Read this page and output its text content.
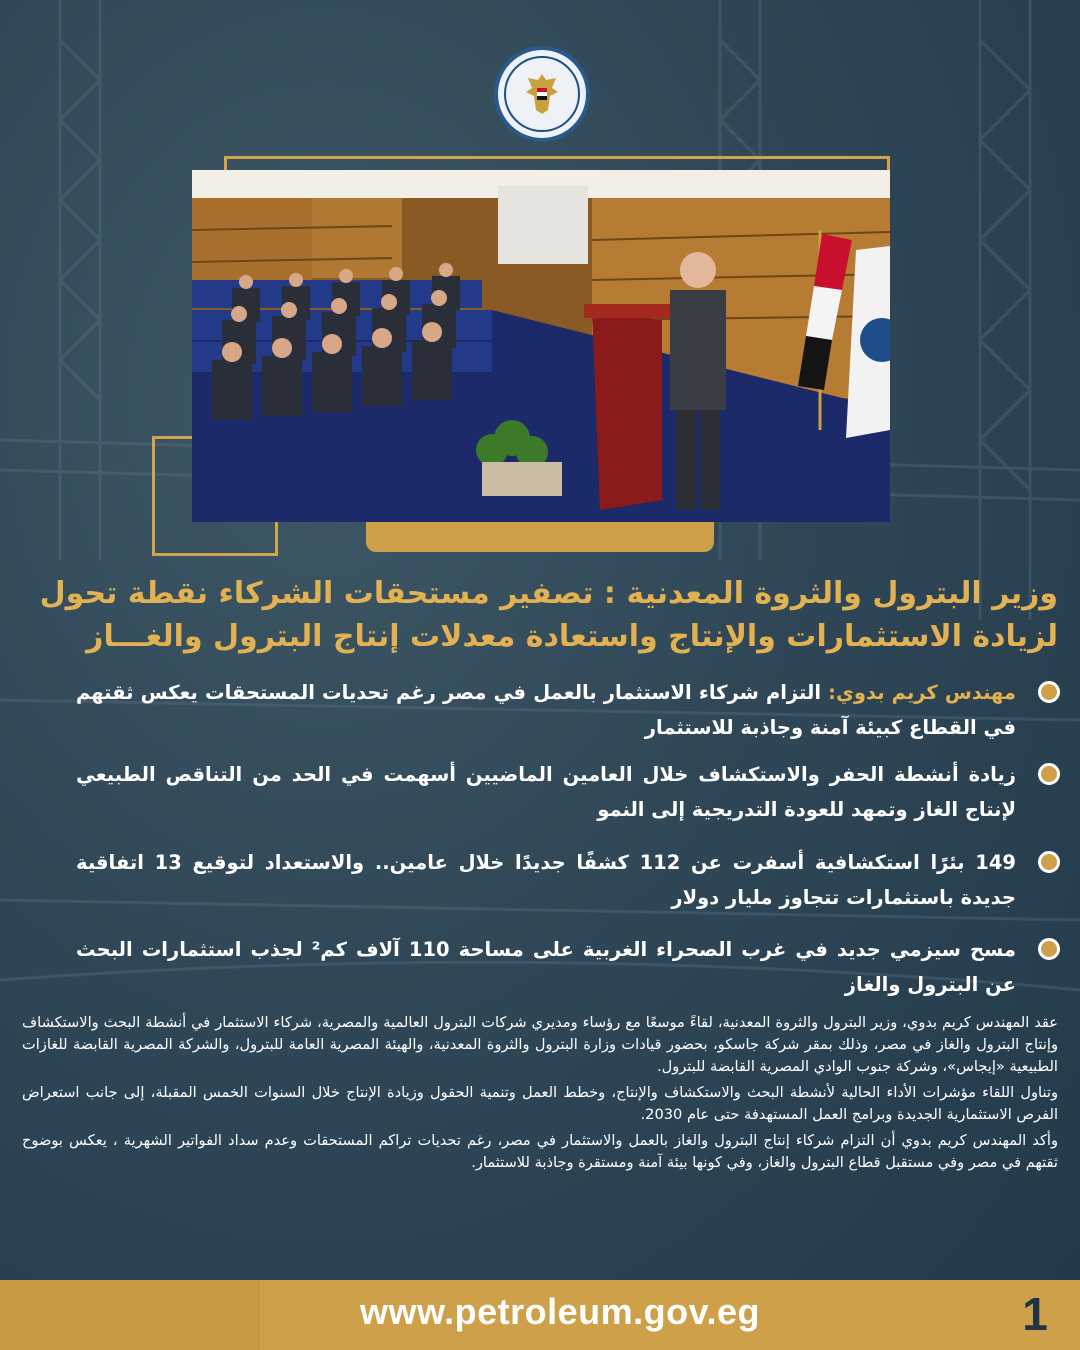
وزير البترول والثروة المعدنية : تصفير مستحقات الشركاء نقطة تحول
لزيادة الاستثمارات والإنتاج واستعادة معدلات إنتاج البترول والغـــاز
مهندس كريم بدوي: التزام شركاء الاستثمار بالعمل في مصر رغم تحديات المستحقات يعكس ثقتهم في القطاع كبيئة آمنة وجاذبة للاستثمار
زيادة أنشطة الحفر والاستكشاف خلال العامين الماضيين أسهمت في الحد من التناقص الطبيعي لإنتاج الغاز وتمهد للعودة التدريجية إلى النمو
149 بئرًا استكشافية أسفرت عن 112 كشفًا جديدًا خلال عامين.. والاستعداد لتوقيع 13 اتفاقية جديدة باستثمارات تتجاوز مليار دولار
مسح سيزمي جديد في غرب الصحراء الغربية على مساحة 110 آلاف كم² لجذب استثمارات البحث عن البترول والغاز

عقد المهندس كريم بدوي، وزير البترول والثروة المعدنية، لقاءً موسعًا مع رؤساء ومديري شركات البترول العالمية والمصرية، شركاء الاستثمار في أنشطة البحث والاستكشاف وإنتاج البترول والغاز في مصر، وذلك بمقر شركة جاسكو، بحضور قيادات وزارة البترول والثروة المعدنية، والهيئة المصرية العامة للبترول، والشركة المصرية القابضة للغازات الطبيعية «إيجاس»، وشركة جنوب الوادي المصرية القابضة للبترول.

وتناول اللقاء مؤشرات الأداء الحالية لأنشطة البحث والاستكشاف والإنتاج، وخطط العمل وتنمية الحقول وزيادة الإنتاج خلال السنوات الخمس المقبلة، إلى جانب استعراض الفرص الاستثمارية الجديدة وبرامج العمل المستهدفة حتى عام 2030.

وأكد المهندس كريم بدوي أن التزام شركاء إنتاج البترول والغاز بالعمل والاستثمار في مصر، رغم تحديات تراكم المستحقات وعدم سداد الفواتير الشهرية ، يعكس بوضوح ثقتهم في مصر وفي مستقبل قطاع البترول والغاز، وفي كونها بيئة آمنة ومستقرة وجاذبة للاستثمار.

www.petroleum.gov.eg	1
